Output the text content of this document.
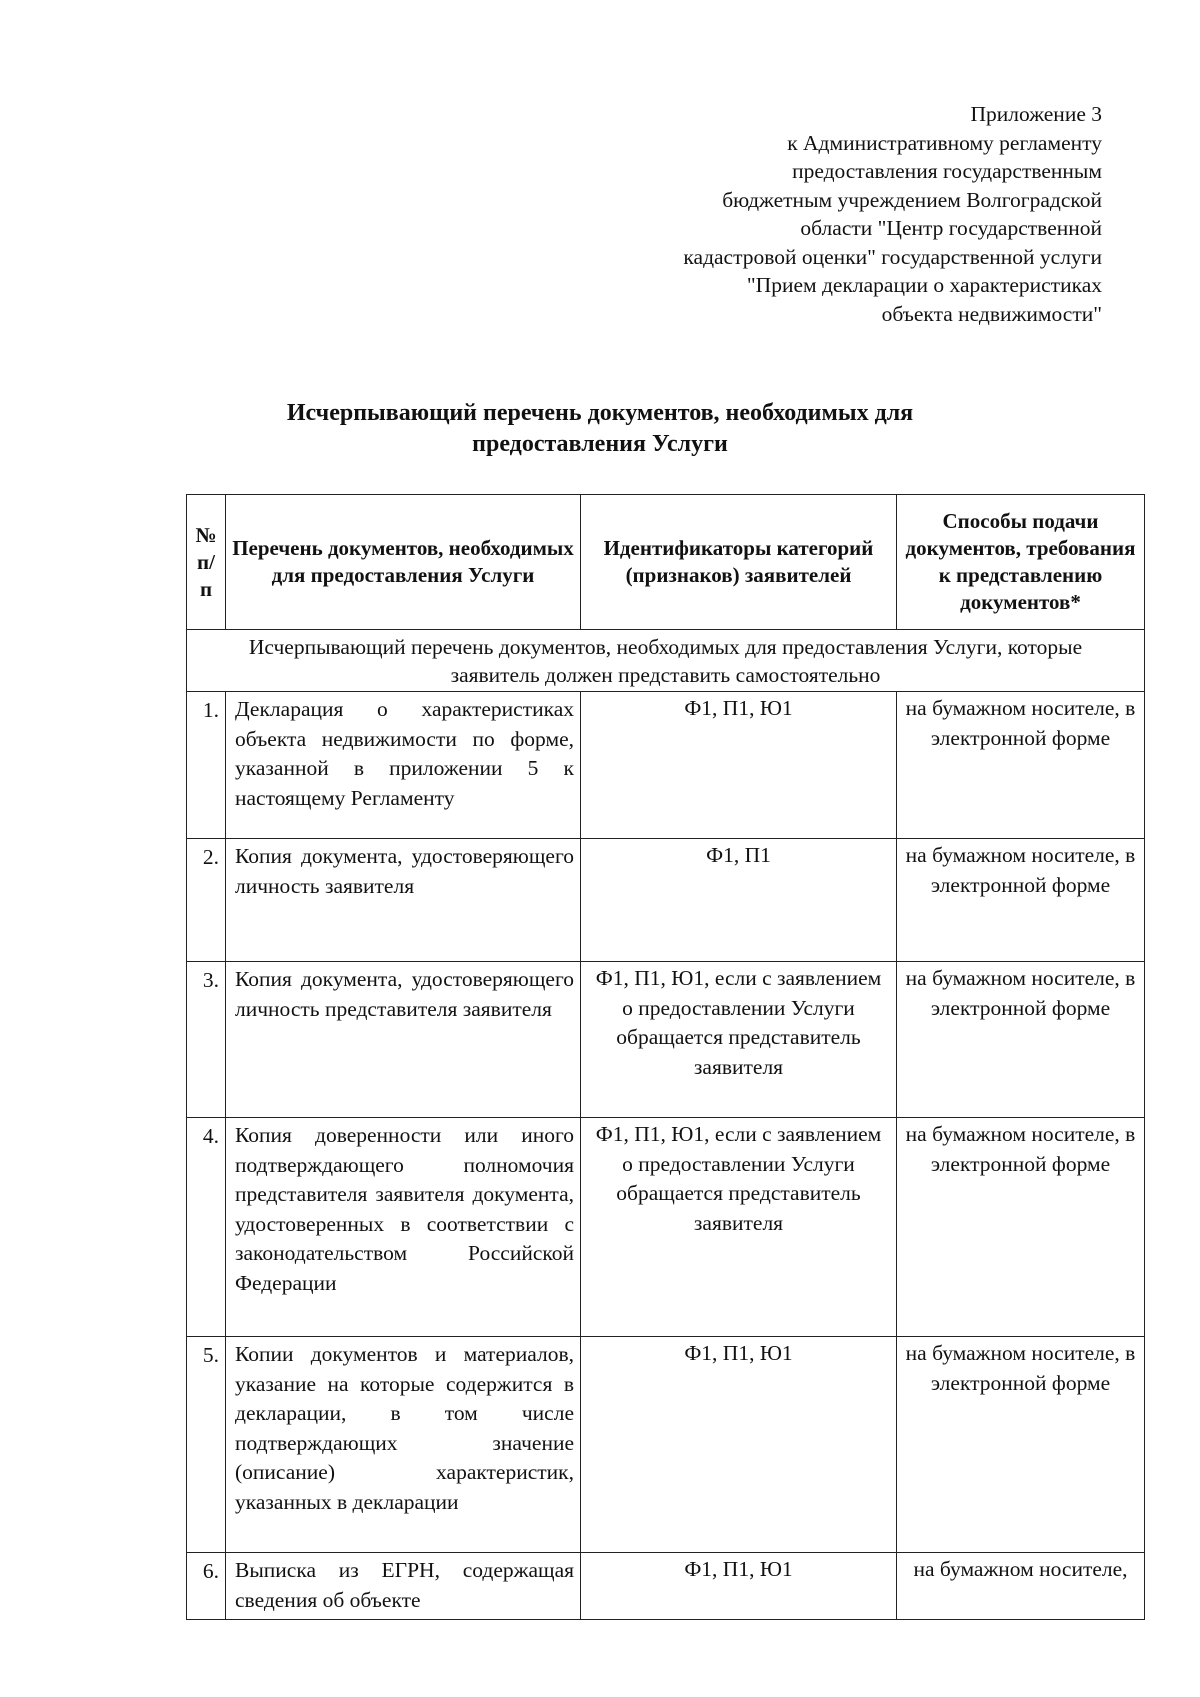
Приложение 3
к Административному регламенту
предоставления государственным
бюджетным учреждением Волгоградской
области "Центр государственной
кадастровой оценки" государственной услуги
"Прием декларации о характеристиках
объекта недвижимости"
Исчерпывающий перечень документов, необходимых для
предоставления Услуги
№ п/п	Перечень документов, необходимых для предоставления Услуги	Идентификаторы категорий (признаков) заявителей	Способы подачи документов, требования к представлению документов*
Исчерпывающий перечень документов, необходимых для предоставления Услуги, которые заявитель должен представить самостоятельно			
1.	Декларация о характеристиках объекта недвижимости по форме, указанной в приложении 5 к настоящему Регламенту	Ф1, П1, Ю1	на бумажном носителе, в электронной форме
2.	Копия документа, удостоверяющего личность заявителя	Ф1, П1	на бумажном носителе, в электронной форме
3.	Копия документа, удостоверяющего личность представителя заявителя	Ф1, П1, Ю1, если с заявлением о предоставлении Услуги обращается представитель заявителя	на бумажном носителе, в электронной форме
4.	Копия доверенности или иного подтверждающего полномочия представителя заявителя документа, удостоверенных в соответствии с законодательством Российской Федерации	Ф1, П1, Ю1, если с заявлением о предоставлении Услуги обращается представитель заявителя	на бумажном носителе, в электронной форме
5.	Копии документов и материалов, указание на которые содержится в декларации, в том числе подтверждающих значение (описание) характеристик, указанных в декларации	Ф1, П1, Ю1	на бумажном носителе, в электронной форме
6.	Выписка из ЕГРН, содержащая сведения об объекте	Ф1, П1, Ю1	на бумажном носителе,
